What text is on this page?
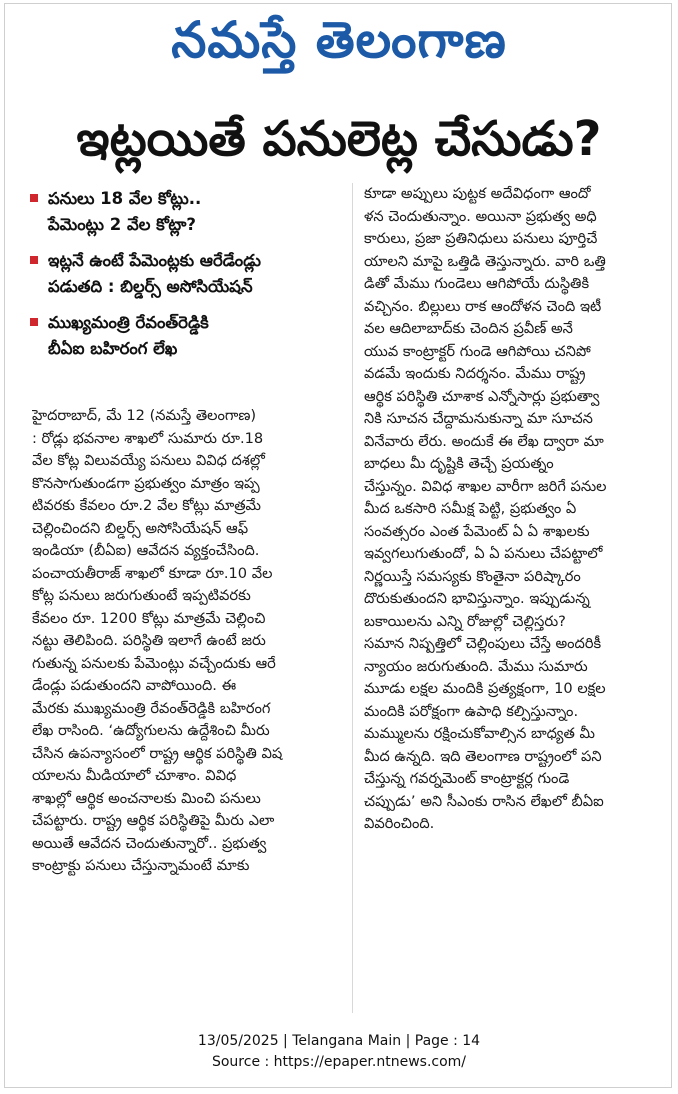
నమస్తే తెలంగాణ
ఇట్లయితే పనులెట్ల చేసుడు?
పనులు 18 వేల కోట్లు..
పేమెంట్లు 2 వేల కోట్లా?
ఇట్లనే ఉంటే పేమెంట్లకు ఆరేడేండ్లు
పడుతది : బిల్డర్స్ అసోసియేషన్
ముఖ్యమంత్రి రేవంత్‌రెడ్డికి
బీఏఐ బహిరంగ లేఖ
హైదరాబాద్, మే 12 (నమస్తే తెలంగాణ)
: రోడ్లు భవనాల శాఖలో సుమారు రూ.18
వేల కోట్ల విలువయ్యే పనులు వివిధ దశల్లో
కొనసాగుతుండగా ప్రభుత్వం మాత్రం ఇప్ప
టివరకు కేవలం రూ.2 వేల కోట్లు మాత్రమే
చెల్లించిందని బిల్డర్స్ అసోసియేషన్ ఆఫ్
ఇండియా (బీఏఐ) ఆవేదన వ్యక్తంచేసింది.
పంచాయతీరాజ్ శాఖలో కూడా రూ.10 వేల
కోట్ల పనులు జరుగుతుంటే ఇప్పటివరకు
కేవలం రూ. 1200 కోట్లు మాత్రమే చెల్లించి
నట్టు తెలిపింది. పరిస్థితి ఇలాగే ఉంటే జరు
గుతున్న పనులకు పేమెంట్లు వచ్చేందుకు ఆరే
డేండ్లు పడుతుందని వాపోయింది. ఈ
మేరకు ముఖ్యమంత్రి రేవంత్‌రెడ్డికి బహిరంగ
లేఖ రాసింది. ‘ఉద్యోగులను ఉద్దేశించి మీరు
చేసిన ఉపన్యాసంలో రాష్ట్ర ఆర్థిక పరిస్థితి విష
యాలను మీడియాలో చూశాం. వివిధ
శాఖల్లో ఆర్థిక అంచనాలకు మించి పనులు
చేపట్టారు. రాష్ట్ర ఆర్థిక పరిస్థితిపై మీరు ఎలా
అయితే ఆవేదన చెందుతున్నారో.. ప్రభుత్వ
కాంట్రాక్టు పనులు చేస్తున్నామంటే మాకు
కూడా అప్పులు పుట్టక అదేవిధంగా ఆందో
ళన చెందుతున్నాం. అయినా ప్రభుత్వ అధి
కారులు, ప్రజా ప్రతినిధులు పనులు పూర్తిచే
యాలని మాపై ఒత్తిడి తెస్తున్నారు. వారి ఒత్తి
డితో మేము గుండెలు ఆగిపోయే దుస్థితికి
వచ్చినం. బిల్లులు రాక ఆందోళన చెంది ఇటీ
వల ఆదిలాబాద్‌కు చెందిన ప్రవీణ్ అనే
యువ కాంట్రాక్టర్ గుండె ఆగిపోయి చనిపో
వడమే ఇందుకు నిదర్శనం. మేము రాష్ట్ర
ఆర్థిక పరిస్థితి చూశాక ఎన్నోసార్లు ప్రభుత్వా
నికి సూచన చేద్దామనుకున్నా మా సూచన
వినేవారు లేరు. అందుకే ఈ లేఖ ద్వారా మా
బాధలు మీ దృష్టికి తెచ్చే ప్రయత్నం
చేస్తున్నం. వివిధ శాఖల వారీగా జరిగే పనుల
మీద ఒకసారి సమీక్ష పెట్టి, ప్రభుత్వం ఏ
సంవత్సరం ఎంత పేమెంట్ ఏ ఏ శాఖలకు
ఇవ్వగలుగుతుందో, ఏ ఏ పనులు చేపట్టాలో
నిర్ణయిస్తే సమస్యకు కొంతైనా పరిష్కారం
దొరుకుతుందని భావిస్తున్నాం. ఇప్పుడున్న
బకాయిలను ఎన్ని రోజుల్లో చెల్లిస్తరు?
సమాన నిష్పత్తిలో చెల్లింపులు చేస్తే అందరికీ
న్యాయం జరుగుతుంది. మేము సుమారు
మూడు లక్షల మందికి ప్రత్యక్షంగా, 10 లక్షల
మందికి పరోక్షంగా ఉపాధి కల్పిస్తున్నాం.
మమ్ములను రక్షించుకోవాల్సిన బాధ్యత మీ
మీద ఉన్నది. ఇది తెలంగాణ రాష్ట్రంలో పని
చేస్తున్న గవర్నమెంట్ కాంట్రాక్టర్ల గుండె
చప్పుడు’ అని సీఎంకు రాసిన లేఖలో బీఏఐ
వివరించింది.
13/05/2025 | Telangana Main | Page : 14
Source : https://epaper.ntnews.com/
